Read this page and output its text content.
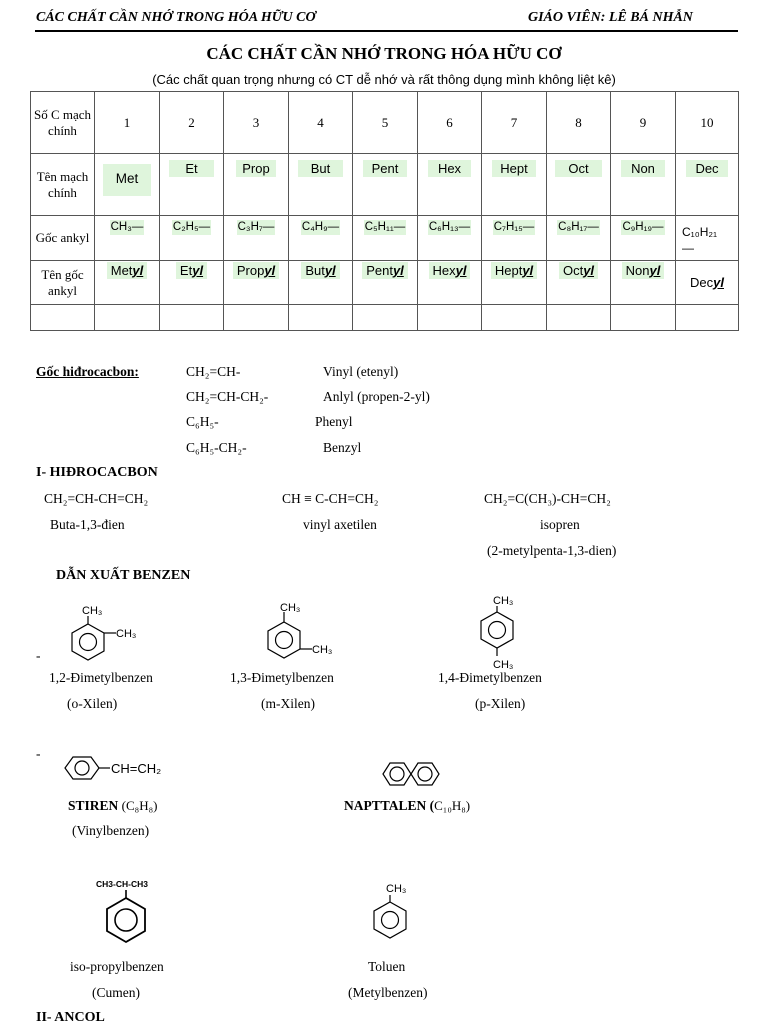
CÁC CHẤT CẦN NHỚ TRONG HÓA HỮU CƠ	GIÁO VIÊN: LÊ BÁ NHẪN
CÁC CHẤT CẦN NHỚ TRONG HÓA HỮU CƠ
(Các chất quan trọng nhưng có CT dễ nhớ và rất thông dụng mình không liệt kê)
Số C mạch chính	1	2	3	4	5	6	7	8	9	10
Tên mạch chính	Met	Et	Prop	But	Pent	Hex	Hept	Oct	Non	Dec

Gốc ankyl	CH₃—	C₂H₅—	C₃H₇—	C₄H₉—	C₅H₁₁—	C₆H₁₃—	C₇H₁₅—	C₈H₁₇—	C₉H₁₉—	C₁₀H₂₁—

Tên gốc ankyl	Metyl	Etyl	Propyl	Butyl	Pentyl	Hexyl	Heptyl	Octyl	Nonyl	Decyl

Gốc hiđrocacbon:	CH₂=CH-	Vinyl (etenyl)
CH₂=CH-CH₂-	Anlyl (propen-2-yl)
C₆H₅-	Phenyl
C₆H₅-CH₂-	Benzyl
I- HIĐROCACBON
CH₂=CH-CH=CH₂
Buta-1,3-đien
CH ≡ C-CH=CH₂
vinyl axetilen
CH₂=C(CH₃)-CH=CH₂
isopren
(2-metylpenta-1,3-dien)
DẪN XUẤT BENZEN
CH₃
CH₃
-
CH₃
CH₃
CH₃
CH₃
1,2-Đimetylbenzen
(o-Xilen)
1,3-Đimetylbenzen
(m-Xilen)
1,4-Đimetylbenzen
(p-Xilen)
-
CH=CH₂
STIREN (C₈H₈)
(Vinylbenzen)
NAPTTALEN (C₁₀H₈)
CH3-CH-CH3
iso-propylbenzen
(Cumen)
CH₃
Toluen
(Metylbenzen)
II- ANCOL
